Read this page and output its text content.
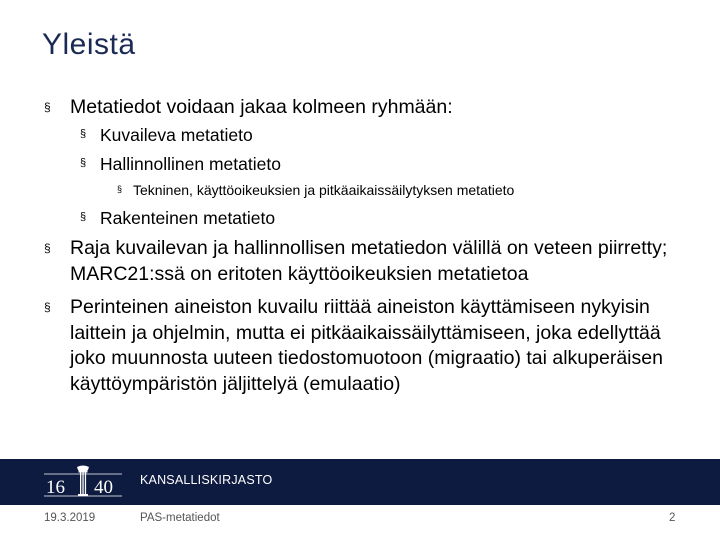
Yleistä
§ Metatiedot voidaan jakaa kolmeen ryhmään:
§ Kuvaileva metatieto
§ Hallinnollinen metatieto
§ Tekninen, käyttöoikeuksien ja pitkäaikaissäilytyksen metatieto
§ Rakenteinen metatieto
§ Raja kuvailevan ja hallinnollisen metatiedon välillä on veteen piirretty; MARC21:ssä on eritoten käyttöoikeuksien metatietoa
§ Perinteinen aineiston kuvailu riittää aineiston käyttämiseen nykyisin laittein ja ohjelmin, mutta ei pitkäaikaissäilyttämiseen, joka edellyttää joko muunnosta uuteen tiedostomuotoon (migraatio) tai alkuperäisen käyttöympäristön jäljittelyä (emulaatio)
16 40 KANSALLISKIRJASTO
19.3.2019	PAS-metatiedot	2
